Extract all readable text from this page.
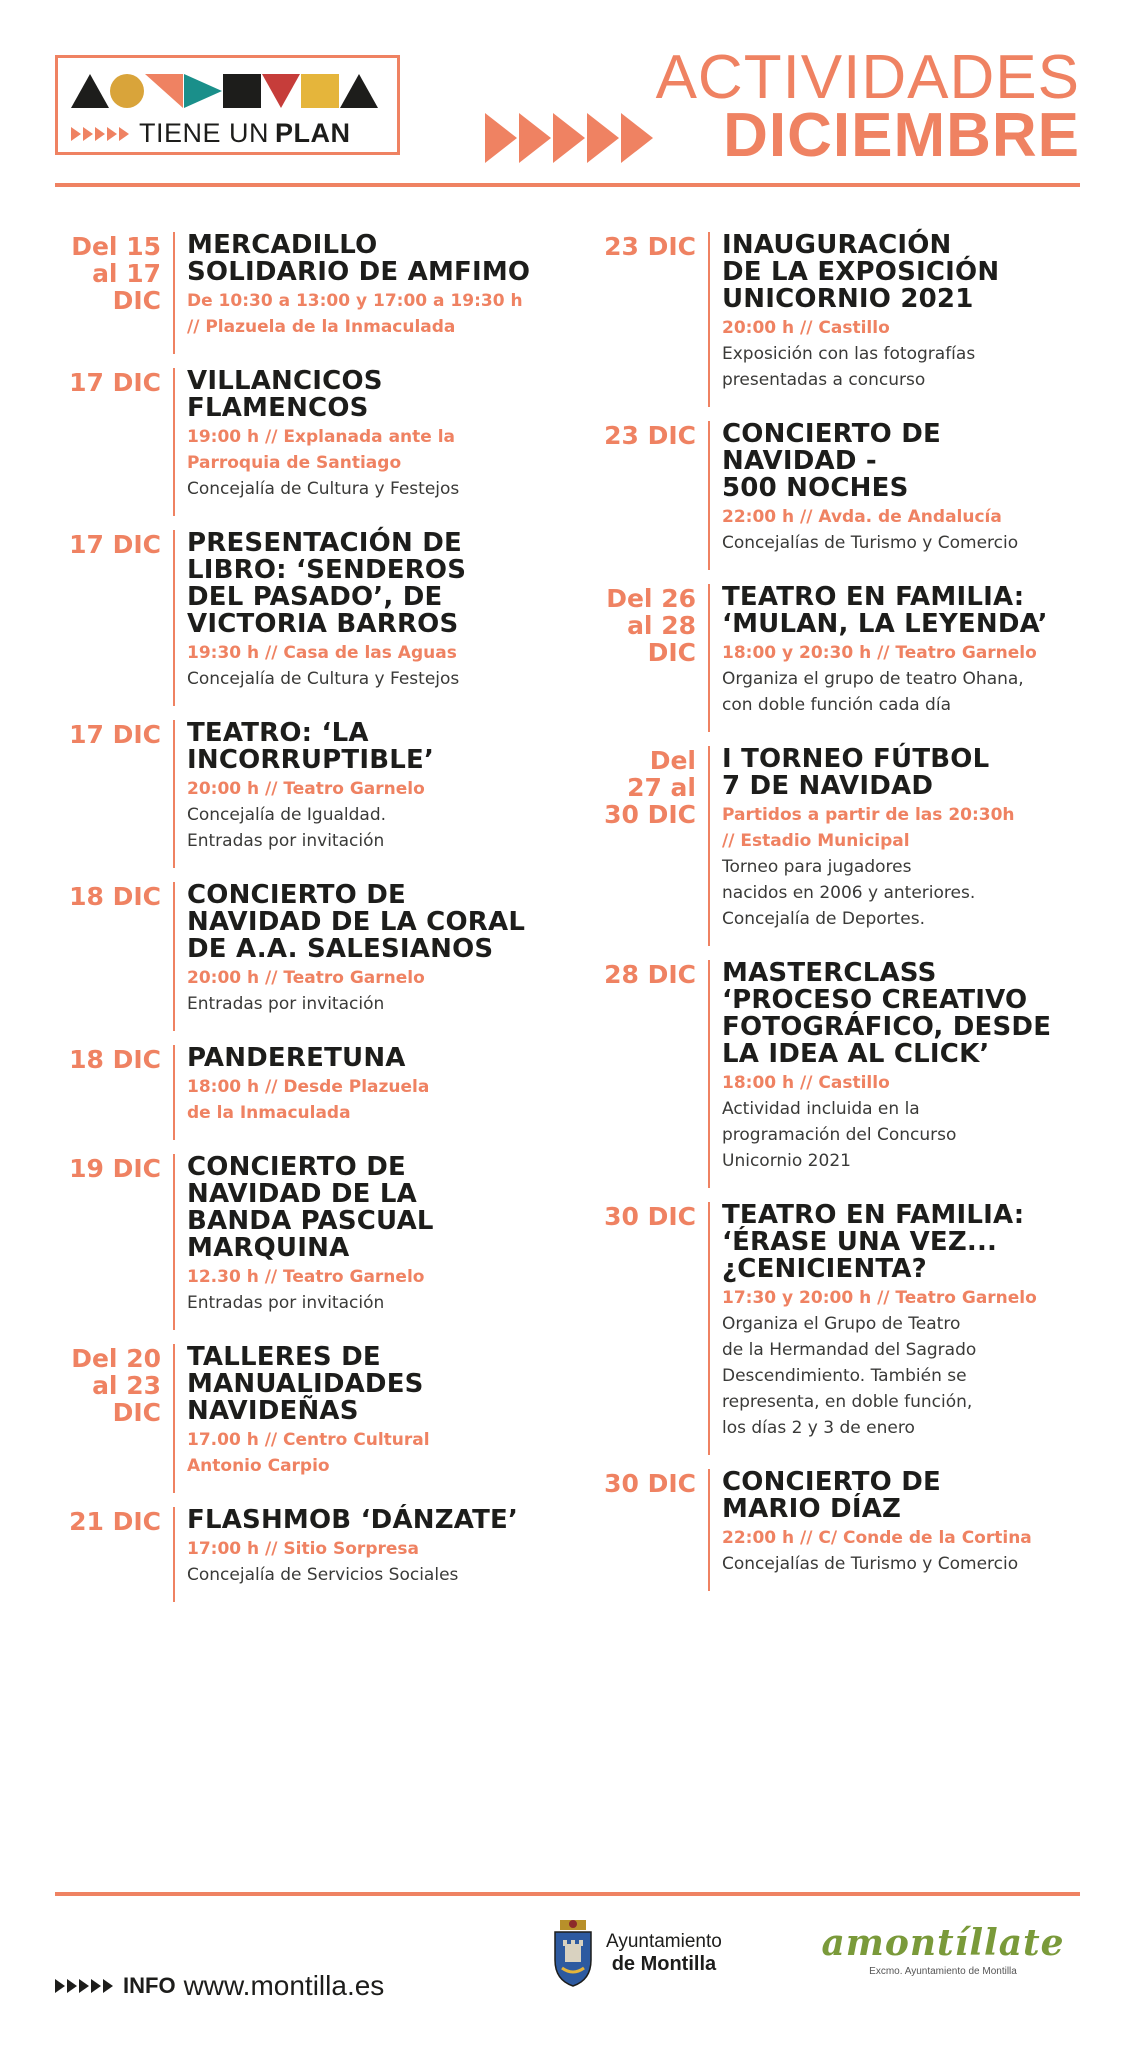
TIENE UN PLAN
ACTIVIDADES
DICIEMBRE
Del 15
al 17
DIC
MERCADILLO
SOLIDARIO DE AMFIMO
De 10:30 a 13:00 y 17:00 a 19:30 h
// Plazuela de la Inmaculada
17 DIC VILLANCICOS
FLAMENCOS
19:00 h // Explanada ante la
Parroquia de Santiago
Concejalía de Cultura y Festejos
17 DIC PRESENTACIÓN DE
LIBRO: ‘SENDEROS
DEL PASADO’, DE
VICTORIA BARROS
19:30 h // Casa de las Aguas
Concejalía de Cultura y Festejos
17 DIC TEATRO: ‘LA
INCORRUPTIBLE’
20:00 h // Teatro Garnelo
Concejalía de Igualdad.
Entradas por invitación
18 DIC CONCIERTO DE
NAVIDAD DE LA CORAL
DE A.A. SALESIANOS
20:00 h // Teatro Garnelo
Entradas por invitación
18 DIC PANDERETUNA
18:00 h // Desde Plazuela
de la Inmaculada
19 DIC CONCIERTO DE
NAVIDAD DE LA
BANDA PASCUAL
MARQUINA
12.30 h // Teatro Garnelo
Entradas por invitación
Del 20
al 23
DIC
TALLERES DE
MANUALIDADES
NAVIDEÑAS
17.00 h // Centro Cultural
Antonio Carpio
21 DIC FLASHMOB ‘DÁNZATE’
17:00 h // Sitio Sorpresa
Concejalía de Servicios Sociales
23 DIC INAUGURACIÓN
DE LA EXPOSICIÓN
UNICORNIO 2021
20:00 h // Castillo
Exposición con las fotografías
presentadas a concurso
23 DIC CONCIERTO DE
NAVIDAD -
500 NOCHES
22:00 h // Avda. de Andalucía
Concejalías de Turismo y Comercio
Del 26
al 28
DIC
TEATRO EN FAMILIA:
‘MULAN, LA LEYENDA’
18:00 y 20:30 h // Teatro Garnelo
Organiza el grupo de teatro Ohana,
con doble función cada día
Del
27 al
30 DIC
I TORNEO FÚTBOL
7 DE NAVIDAD
Partidos a partir de las 20:30h
// Estadio Municipal
Torneo para jugadores
nacidos en 2006 y anteriores.
Concejalía de Deportes.
28 DIC MASTERCLASS
‘PROCESO CREATIVO
FOTOGRÁFICO, DESDE
LA IDEA AL CLICK’
18:00 h // Castillo
Actividad incluida en la
programación del Concurso
Unicornio 2021
30 DIC TEATRO EN FAMILIA:
‘ÉRASE UNA VEZ...
¿CENICIENTA?
17:30 y 20:00 h // Teatro Garnelo
Organiza el Grupo de Teatro
de la Hermandad del Sagrado
Descendimiento. También se
representa, en doble función,
los días 2 y 3 de enero
30 DIC CONCIERTO DE
MARIO DÍAZ
22:00 h // C/ Conde de la Cortina
Concejalías de Turismo y Comercio
INFO www.montilla.es
Ayuntamiento
de Montilla	amontíllate
Excmo. Ayuntamiento de Montilla
